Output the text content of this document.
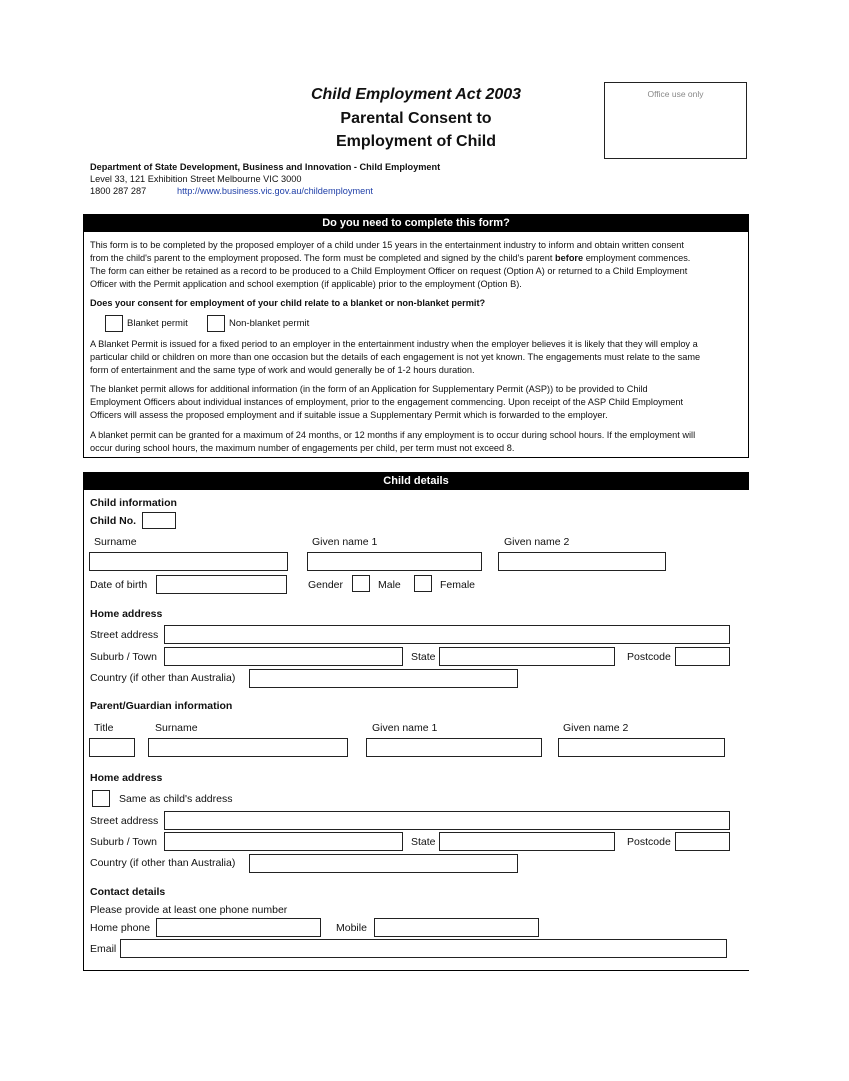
Child Employment Act 2003
Parental Consent to
Employment of Child
Office use only
Department of State Development, Business and Innovation - Child Employment
Level 33, 121 Exhibition Street Melbourne VIC 3000
1800 287 287	http://www.business.vic.gov.au/childemployment
Do you need to complete this form?
This form is to be completed by the proposed employer of a child under 15 years in the entertainment industry to inform and obtain written consent
from the child's parent to the employment proposed. The form must be completed and signed by the child's parent before employment commences.
The form can either be retained as a record to be produced to a Child Employment Officer on request (Option A) or returned to a Child Employment
Officer with the Permit application and school exemption (if applicable) prior to the employment (Option B).
Does your consent for employment of your child relate to a blanket or non-blanket permit?
Blanket permit	Non-blanket permit
A Blanket Permit is issued for a fixed period to an employer in the entertainment industry when the employer believes it is likely that they will employ a
particular child or children on more than one occasion but the details of each engagement is not yet known. The engagements must relate to the same
form of entertainment and the same type of work and would generally be of 1-2 hours duration.
The blanket permit allows for additional information (in the form of an Application for Supplementary Permit (ASP)) to be provided to Child
Employment Officers about individual instances of employment, prior to the engagement commencing. Upon receipt of the ASP Child Employment
Officers will assess the proposed employment and if suitable issue a Supplementary Permit which is forwarded to the employer.
A blanket permit can be granted for a maximum of 24 months, or 12 months if any employment is to occur during school hours. If the employment will
occur during school hours, the maximum number of engagements per child, per term must not exceed 8.
Child details
Child information
Child No.
Surname	Given name 1	Given name 2
Date of birth	Gender	Male	Female
Home address
Street address
Suburb / Town	State	Postcode
Country (if other than Australia)
Parent/Guardian information
Title	Surname	Given name 1	Given name 2
Home address
Same as child's address
Street address
Suburb / Town	State	Postcode
Country (if other than Australia)
Contact details
Please provide at least one phone number
Home phone	Mobile
Email
